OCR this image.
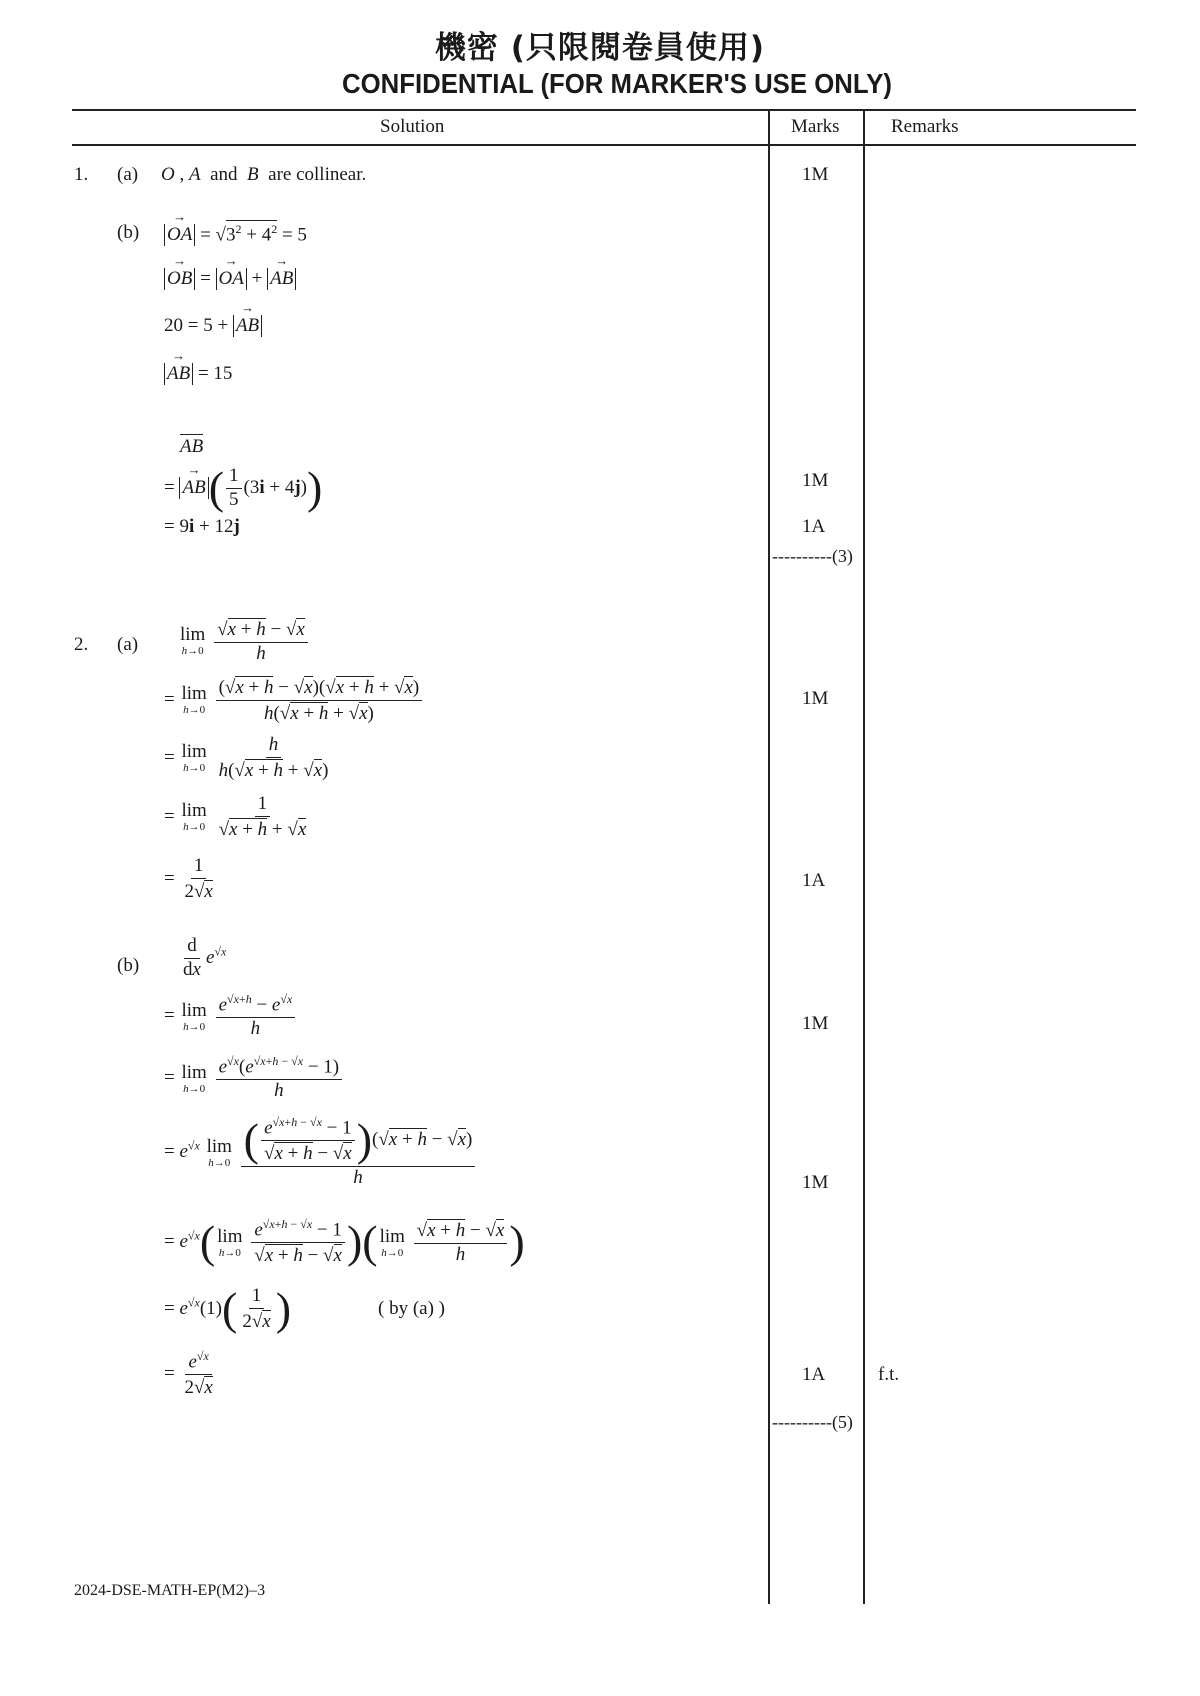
機密 (只限閱卷員使用)
CONFIDENTIAL (FOR MARKER'S USE ONLY)
Solution	Marks	Remarks
1. (a) O , A  and  B are collinear.	1M
(b)
→ OA = $√3^2 + 4^2 = 5$
→ OB = → OA + → AB
20 = 5 + → AB
→ AB = 15
AB
= → $AB( \frac{1}{5} (3i + 4j))$	1M
= 9i + 12j	1A
----------(3)
2. (a) lim
h→0
$\frac{√x + h - √x}{h}$
= lim
h→0
$\frac{(√x + h - √x)(√x + h + √x)}{h(√x + h + √x)}$	1M
= lim
h→0
$\frac{h}{h(√x + h + √x)}$
= lim
h→0
$\frac{1}{√x + h + √x}$
= $\frac{1}{2√x}$	1A
$(b) \frac{d}{dx} e^{√x}$
= lim
h→0
$\frac{e^{√x+h} - e^{√x}}{h}$	1M
= lim
h→0
$\frac{e^{√x}(e^{√x+h - √x} - 1)}{h}$
= $e^{√x}$ lim
h→0
$\frac{( \frac{e^{√x+h - √x} - 1}{√x + h - √x} )(√x + h - √x)}{h}$	1M
= $e^{√x}$( lim
h→0
$\frac{e^{√x+h - √x} - 1}{√x + h - √x}$ )( lim
h→0
$\frac{√x + h - √x}{h}$ )
= $e^{√x}(1)( \frac{1}{2√x}$ )	( by (a) )
= $\frac{e^{√x}}{2√x}$	1A	f.t.
----------(5)
2024-DSE-MATH-EP(M2)–3
